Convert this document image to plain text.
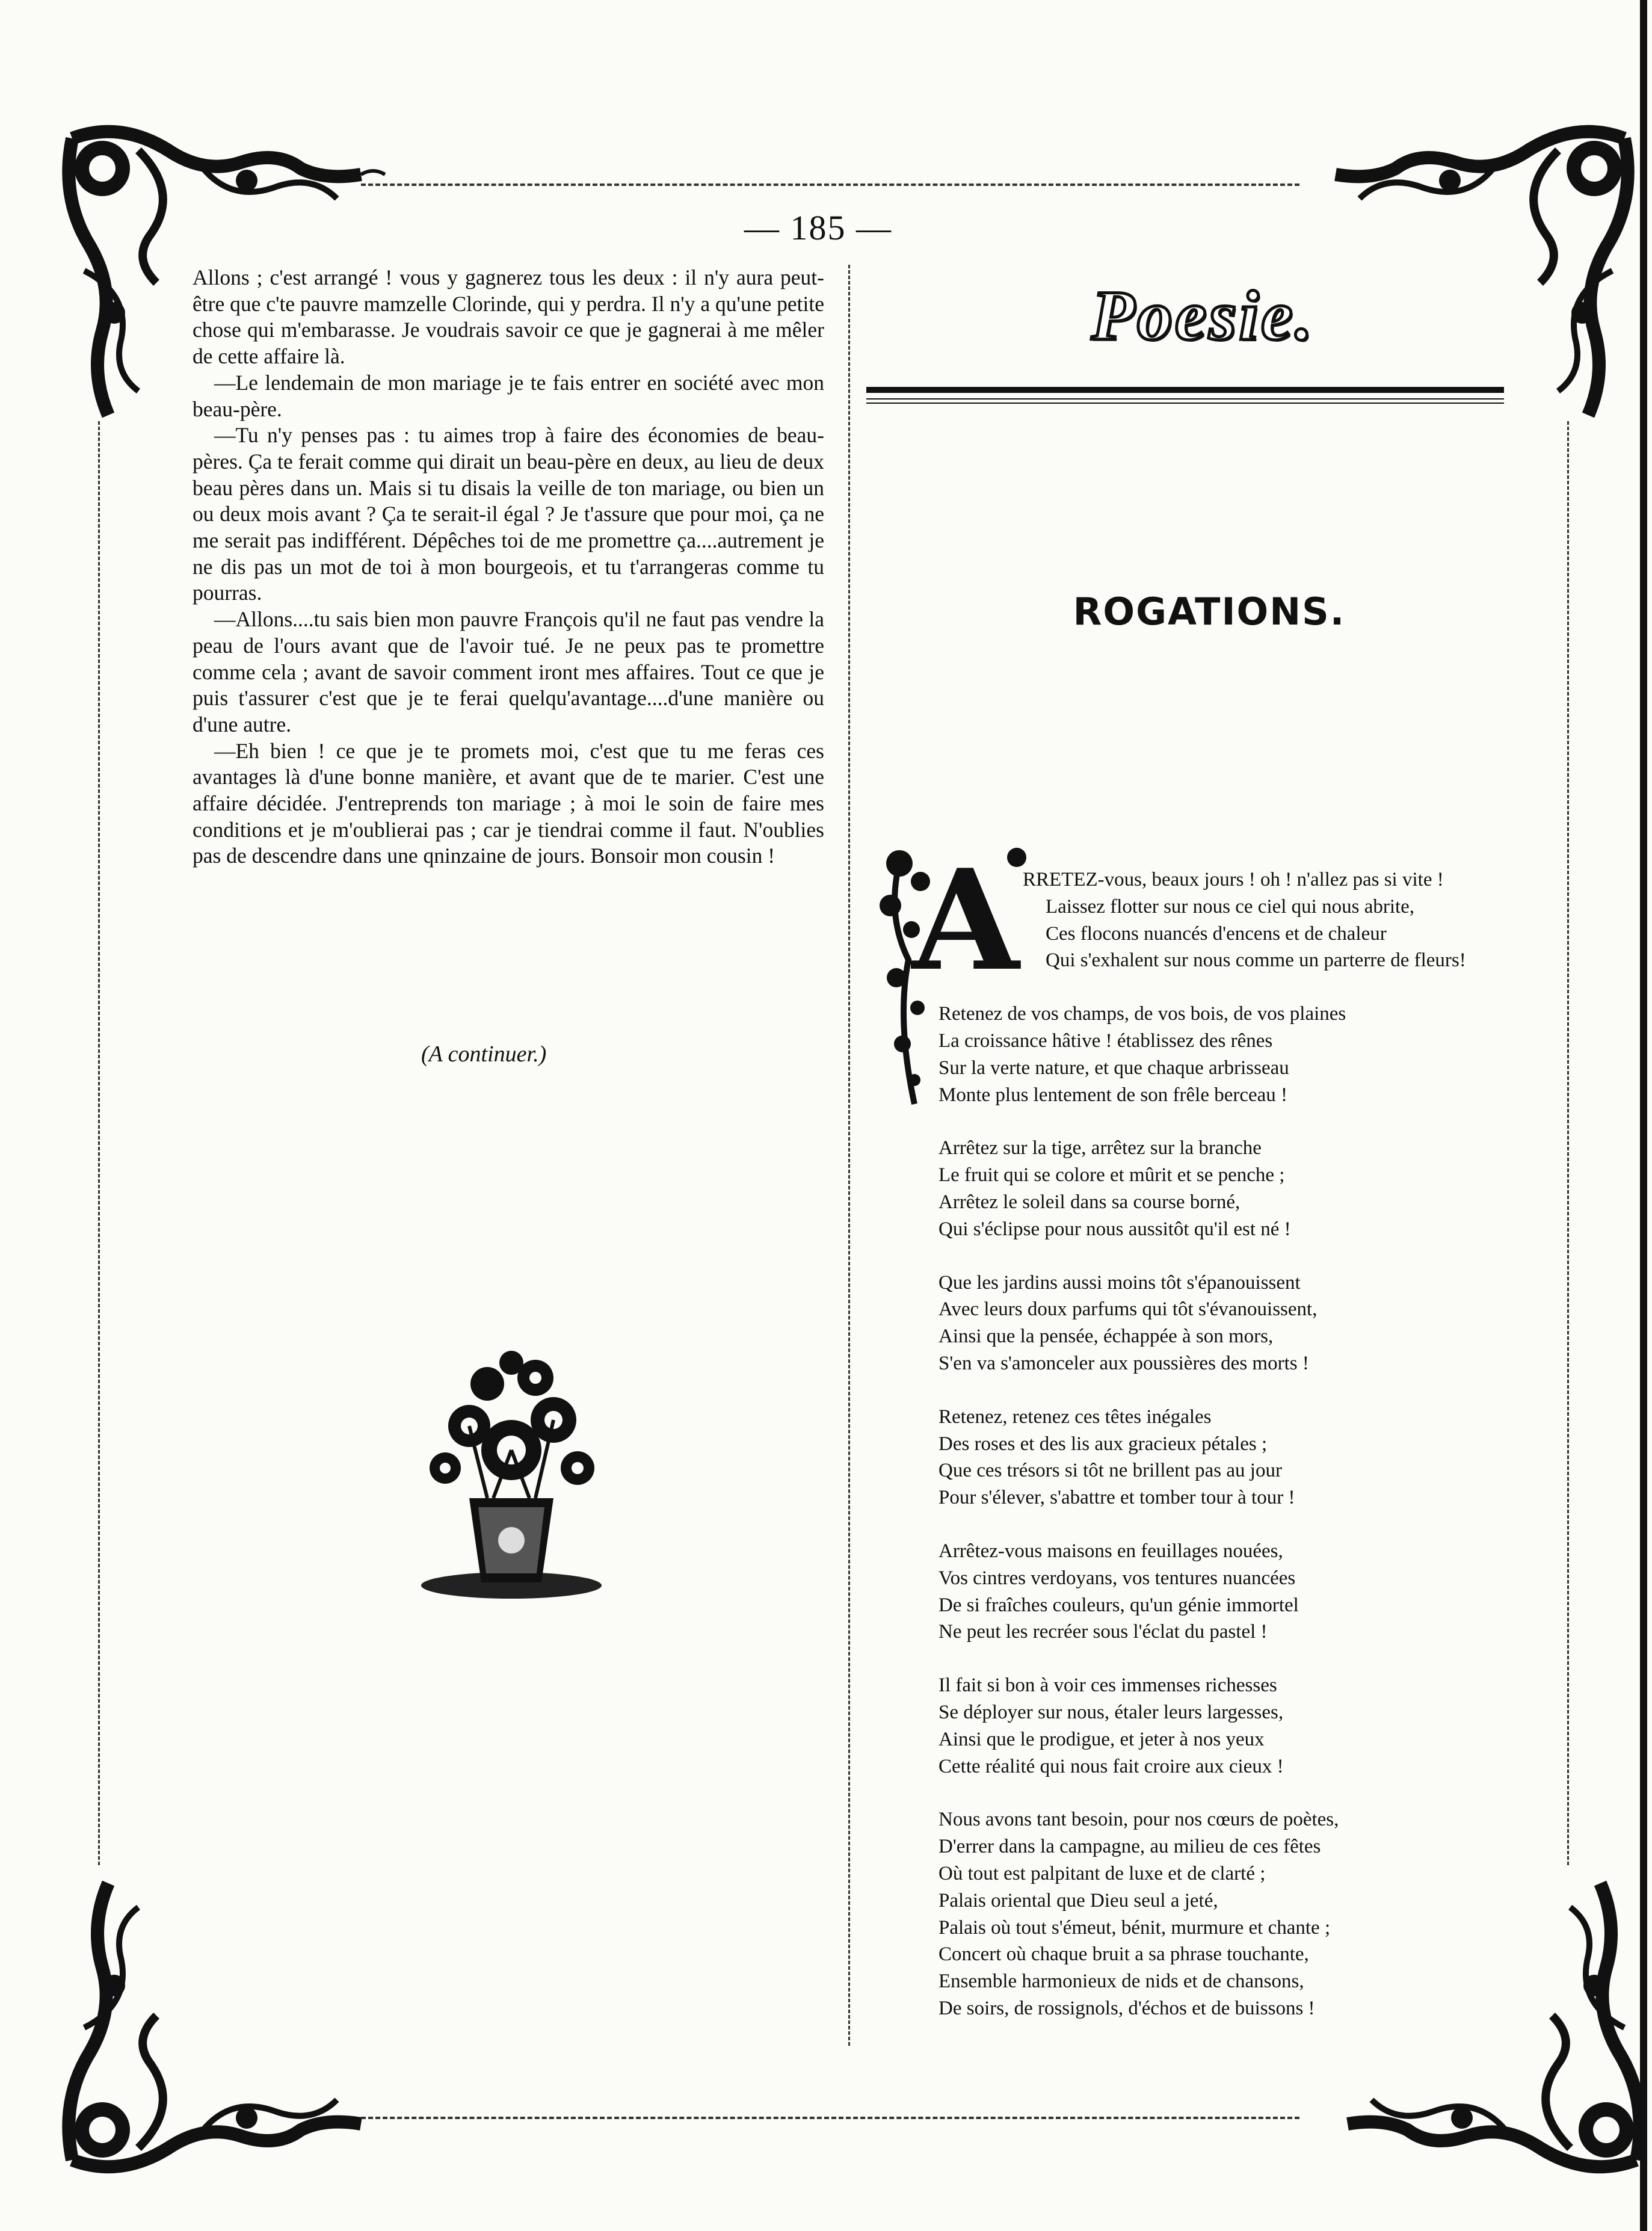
— 185 —

Allons ; c'est arrangé ! vous y gagnerez tous les deux : il n'y aura peut-être que c'te pauvre mamzelle Clorinde, qui y perdra. Il n'y a qu'une petite chose qui m'embarasse. Je voudrais savoir ce que je gagnerai à me mêler de cette affaire là.

—Le lendemain de mon mariage je te fais entrer en société avec mon beau-père.

—Tu n'y penses pas : tu aimes trop à faire des économies de beau-pères. Ça te ferait comme qui dirait un beau-père en deux, au lieu de deux beau pères dans un. Mais si tu disais la veille de ton mariage, ou bien un ou deux mois avant ? Ça te serait-il égal ? Je t'assure que pour moi, ça ne me serait pas indifférent. Dépêches toi de me promettre ça....autrement je ne dis pas un mot de toi à mon bourgeois, et tu t'arrangeras comme tu pourras.

—Allons....tu sais bien mon pauvre François qu'il ne faut pas vendre la peau de l'ours avant que de l'avoir tué. Je ne peux pas te promettre comme cela ; avant de savoir comment iront mes affaires. Tout ce que je puis t'assurer c'est que je te ferai quelqu'avantage....d'une manière ou d'une autre.

—Eh bien ! ce que je te promets moi, c'est que tu me feras ces avantages là d'une bonne manière, et avant que de te marier. C'est une affaire décidée. J'entreprends ton mariage ; à moi le soin de faire mes conditions et je m'oublierai pas ; car je tiendrai comme il faut. N'oublies pas de descendre dans une qninzaine de jours. Bonsoir mon cousin !

(A continuer.)
Poesie.
ROGATIONS.
A RRETEZ-vous, beaux jours ! oh ! n'allez pas si vite !
Laissez flotter sur nous ce ciel qui nous abrite,
Ces flocons nuancés d'encens et de chaleur
Qui s'exhalent sur nous comme un parterre de fleurs!
Retenez de vos champs, de vos bois, de vos plaines
La croissance hâtive ! établissez des rênes
Sur la verte nature, et que chaque arbrisseau
Monte plus lentement de son frêle berceau !
Arrêtez sur la tige, arrêtez sur la branche
Le fruit qui se colore et mûrit et se penche ;
Arrêtez le soleil dans sa course borné,
Qui s'éclipse pour nous aussitôt qu'il est né !
Que les jardins aussi moins tôt s'épanouissent
Avec leurs doux parfums qui tôt s'évanouissent,
Ainsi que la pensée, échappée à son mors,
S'en va s'amonceler aux poussières des morts !
Retenez, retenez ces têtes inégales
Des roses et des lis aux gracieux pétales ;
Que ces trésors si tôt ne brillent pas au jour
Pour s'élever, s'abattre et tomber tour à tour !
Arrêtez-vous maisons en feuillages nouées,
Vos cintres verdoyans, vos tentures nuancées
De si fraîches couleurs, qu'un génie immortel
Ne peut les recréer sous l'éclat du pastel !
Il fait si bon à voir ces immenses richesses
Se déployer sur nous, étaler leurs largesses,
Ainsi que le prodigue, et jeter à nos yeux
Cette réalité qui nous fait croire aux cieux !
Nous avons tant besoin, pour nos cœurs de poètes,
D'errer dans la campagne, au milieu de ces fêtes
Où tout est palpitant de luxe et de clarté ;
Palais oriental que Dieu seul a jeté,
Palais où tout s'émeut, bénit, murmure et chante ;
Concert où chaque bruit a sa phrase touchante,
Ensemble harmonieux de nids et de chansons,
De soirs, de rossignols, d'échos et de buissons !
